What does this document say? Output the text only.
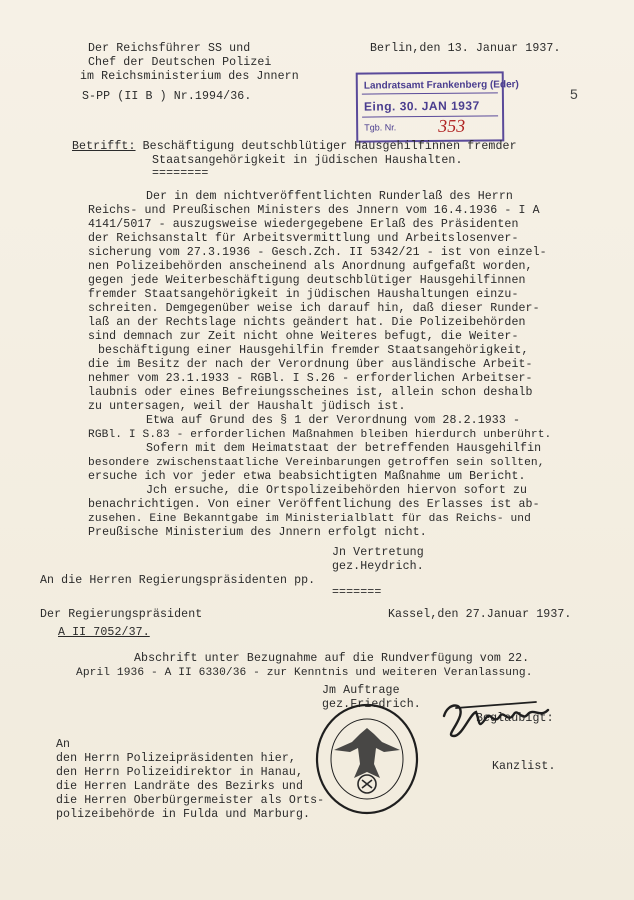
Der Reichsführer SS und
Chef der Deutschen Polizei
im Reichsministerium des Jnnern
Berlin,den 13. Januar 1937.
S-PP (II B ) Nr.1994/36.
Landratsamt Frankenberg (Eder)
Eing. 30. JAN 1937
Tgb. Nr. 353
5
Betrifft: Beschäftigung deutschblütiger Hausgehilfinnen fremder
Staatsangehörigkeit in jüdischen Haushalten.
========
Der in dem nichtveröffentlichten Runderlaß des Herrn
Reichs- und Preußischen Ministers des Jnnern vom 16.4.1936 - I A
4141/5017 - auszugsweise wiedergegebene Erlaß des Präsidenten
der Reichsanstalt für Arbeitsvermittlung und Arbeitslosenver-
sicherung vom 27.3.1936 - Gesch.Zch. II 5342/21 - ist von einzel-
nen Polizeibehörden anscheinend als Anordnung aufgefaßt worden,
gegen jede Weiterbeschäftigung deutschblütiger Hausgehilfinnen
fremder Staatsangehörigkeit in jüdischen Haushaltungen einzu-
schreiten. Demgegenüber weise ich darauf hin, daß dieser Runder-
laß an der Rechtslage nichts geändert hat. Die Polizeibehörden
sind demnach zur Zeit nicht ohne Weiteres befugt, die Weiter-
beschäftigung einer Hausgehilfin fremder Staatsangehörigkeit,
die im Besitz der nach der Verordnung über ausländische Arbeit-
nehmer vom 23.1.1933 - RGBl. I S.26 - erforderlichen Arbeitser-
laubnis oder eines Befreiungsscheines ist, allein schon deshalb
zu untersagen, weil der Haushalt jüdisch ist.
Etwa auf Grund des § 1 der Verordnung vom 28.2.1933 -
RGBl. I S.83 - erforderlichen Maßnahmen bleiben hierdurch unberührt.
Sofern mit dem Heimatstaat der betreffenden Hausgehilfin
besondere zwischenstaatliche Vereinbarungen getroffen sein sollten,
ersuche ich vor jeder etwa beabsichtigten Maßnahme um Bericht.
Jch ersuche, die Ortspolizeibehörden hiervon sofort zu
benachrichtigen. Von einer Veröffentlichung des Erlasses ist ab-
zusehen. Eine Bekanntgabe im Ministerialblatt für das Reichs- und
Preußische Ministerium des Jnnern erfolgt nicht.
Jn Vertretung
gez.Heydrich.
An die Herren Regierungspräsidenten pp.
=======
Der Regierungspräsident	Kassel,den 27.Januar 1937.
A II 7052/37.
Abschrift unter Bezugnahme auf die Rundverfügung vom 22.
April 1936 - A II 6330/36 - zur Kenntnis und weiteren Veranlassung.
Jm Auftrage
gez.Friedrich.
Beglaubigt:
Kanzlist.
An
den Herrn Polizeipräsidenten hier,
den Herrn Polizeidirektor in Hanau,
die Herren Landräte des Bezirks und
die Herren Oberbürgermeister als Orts-
polizeibehörde in Fulda und Marburg.
